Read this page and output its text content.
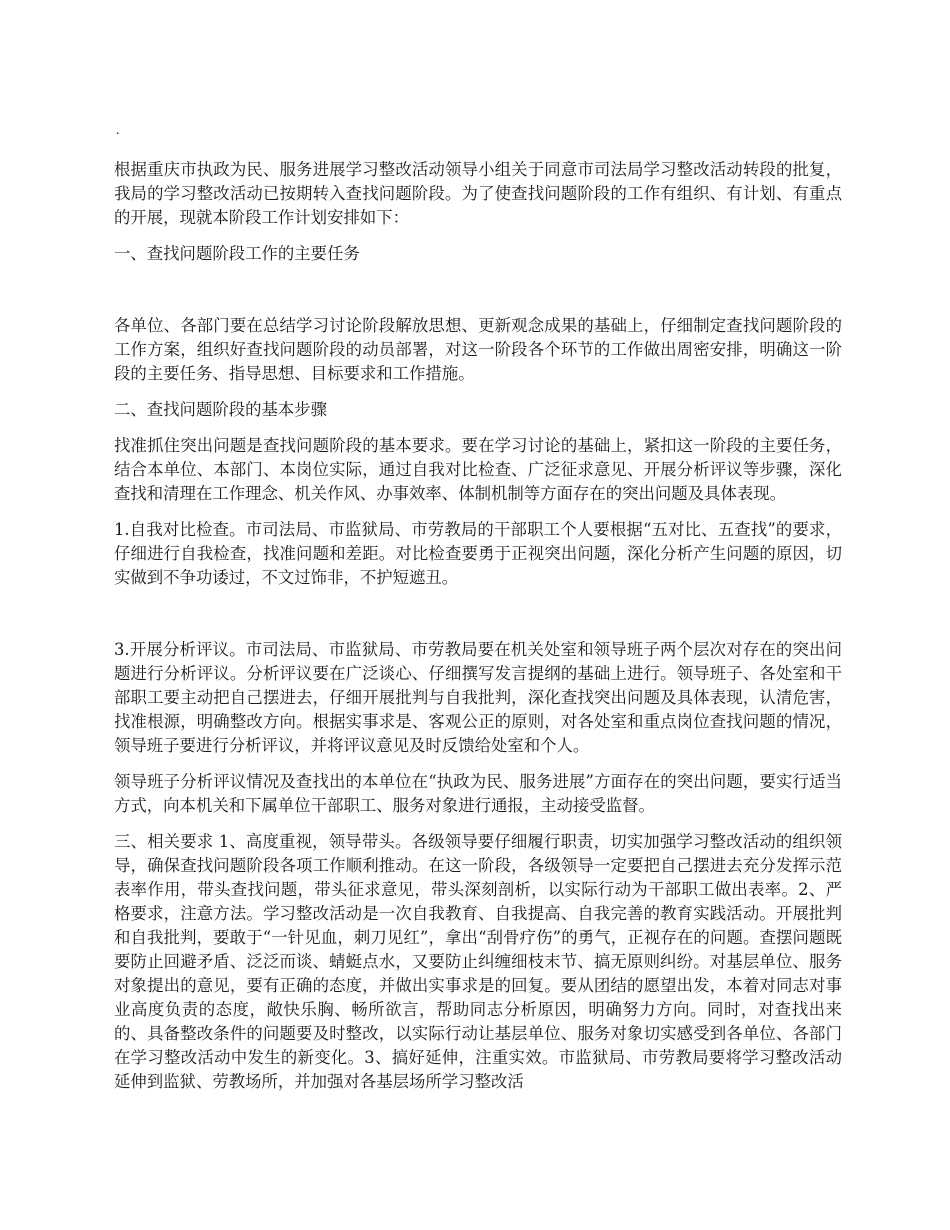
.

根据重庆市执政为民、服务进展学习整改活动领导小组关于同意市司法局学习整改活动转段的批复，我局的学习整改活动已按期转入查找问题阶段。为了使查找问题阶段的工作有组织、有计划、有重点的开展，现就本阶段工作计划安排如下：

一、查找问题阶段工作的主要任务

各单位、各部门要在总结学习讨论阶段解放思想、更新观念成果的基础上，仔细制定查找问题阶段的工作方案，组织好查找问题阶段的动员部署，对这一阶段各个环节的工作做出周密安排，明确这一阶段的主要任务、指导思想、目标要求和工作措施。

二、查找问题阶段的基本步骤

找准抓住突出问题是查找问题阶段的基本要求。要在学习讨论的基础上，紧扣这一阶段的主要任务，结合本单位、本部门、本岗位实际，通过自我对比检查、广泛征求意见、开展分析评议等步骤，深化查找和清理在工作理念、机关作风、办事效率、体制机制等方面存在的突出问题及具体表现。

1.自我对比检查。市司法局、市监狱局、市劳教局的干部职工个人要根据“五对比、五查找”的要求，仔细进行自我检查，找准问题和差距。对比检查要勇于正视突出问题，深化分析产生问题的原因，切实做到不争功诿过，不文过饰非，不护短遮丑。

3.开展分析评议。市司法局、市监狱局、市劳教局要在机关处室和领导班子两个层次对存在的突出问题进行分析评议。分析评议要在广泛谈心、仔细撰写发言提纲的基础上进行。领导班子、各处室和干部职工要主动把自己摆进去，仔细开展批判与自我批判，深化查找突出问题及具体表现，认清危害，找准根源，明确整改方向。根据实事求是、客观公正的原则，对各处室和重点岗位查找问题的情况，领导班子要进行分析评议，并将评议意见及时反馈给处室和个人。

领导班子分析评议情况及查找出的本单位在“执政为民、服务进展”方面存在的突出问题，要实行适当方式，向本机关和下属单位干部职工、服务对象进行通报，主动接受监督。

三、相关要求 1、高度重视，领导带头。各级领导要仔细履行职责，切实加强学习整改活动的组织领导，确保查找问题阶段各项工作顺利推动。在这一阶段，各级领导一定要把自己摆进去充分发挥示范表率作用，带头查找问题，带头征求意见，带头深刻剖析，以实际行动为干部职工做出表率。2、严格要求，注意方法。学习整改活动是一次自我教育、自我提高、自我完善的教育实践活动。开展批判和自我批判，要敢于“一针见血，刺刀见红”，拿出“刮骨疗伤”的勇气，正视存在的问题。查摆问题既要防止回避矛盾、泛泛而谈、蜻蜓点水，又要防止纠缠细枝末节、搞无原则纠纷。对基层单位、服务对象提出的意见，要有正确的态度，并做出实事求是的回复。要从团结的愿望出发，本着对同志对事业高度负责的态度，敞快乐胸、畅所欲言，帮助同志分析原因，明确努力方向。同时，对查找出来的、具备整改条件的问题要及时整改，以实际行动让基层单位、服务对象切实感受到各单位、各部门在学习整改活动中发生的新变化。3、搞好延伸，注重实效。市监狱局、市劳教局要将学习整改活动延伸到监狱、劳教场所，并加强对各基层场所学习整改活
